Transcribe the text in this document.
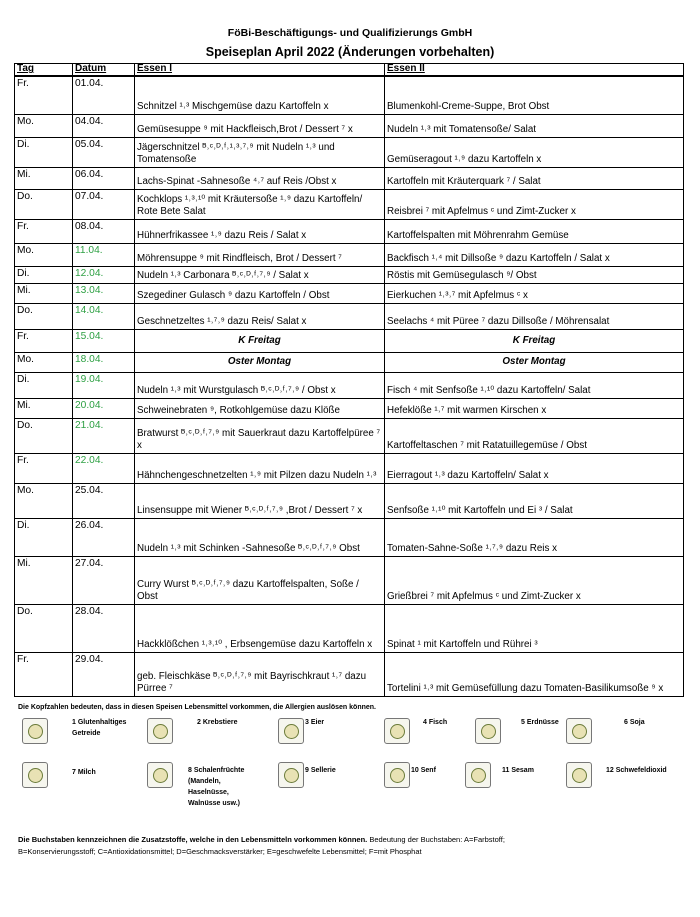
FöBi-Beschäftigungs- und Qualifizierungs GmbH
Speiseplan April 2022 (Änderungen vorbehalten)
Tag	Datum	Essen I	Essen II
Fr.	01.04.	Schnitzel ¹˒³ Mischgemüse dazu Kartoffeln x	Blumenkohl-Creme-Suppe, Brot Obst
Mo.	04.04.	Gemüsesuppe ⁹ mit Hackfleisch,Brot / Dessert ⁷ x	Nudeln ¹˒³ mit Tomatensoße/ Salat
Di.	05.04.	Jägerschnitzel ᴮ˒ᶜ˒ᴰ˒ᶠ˒¹˒³˒⁷˒⁹ mit Nudeln ¹˒³ und Tomatensoße	Gemüseragout ¹˒⁹ dazu Kartoffeln x
Mi.	06.04.	Lachs-Spinat -Sahnesoße ⁴˒⁷ auf Reis /Obst x	Kartoffeln mit Kräuterquark ⁷ / Salat
Do.	07.04.	Kochklops ¹˒³˒¹⁰ mit Kräutersoße ¹˒⁹ dazu Kartoffeln/ Rote Bete Salat	Reisbrei ⁷ mit Apfelmus ᶜ und Zimt-Zucker x
Fr.	08.04.	Hühnerfrikassee ¹˒⁹ dazu Reis / Salat x	Kartoffelspalten mit Möhrenrahm Gemüse
Mo.	11.04.	Möhrensuppe ⁹ mit Rindfleisch, Brot / Dessert ⁷	Backfisch ¹˒⁴ mit Dillsoße ⁹ dazu Kartoffeln / Salat x
Di.	12.04.	Nudeln ¹˒³ Carbonara ᴮ˒ᶜ˒ᴰ˒ᶠ˒⁷˒⁹ / Salat x	Röstis mit Gemüsegulasch ⁹/ Obst
Mi.	13.04.	Szegediner Gulasch ⁹ dazu Kartoffeln / Obst	Eierkuchen ¹˒³˒⁷ mit Apfelmus ᶜ x
Do.	14.04.	Geschnetzeltes ¹˒⁷˒⁹ dazu Reis/ Salat x	Seelachs ⁴ mit Püree ⁷ dazu Dillsoße / Möhrensalat
Fr.	15.04.	K Freitag	K Freitag
Mo.	18.04.	Oster Montag	Oster Montag
Di.	19.04.	Nudeln ¹˒³ mit Wurstgulasch ᴮ˒ᶜ˒ᴰ˒ᶠ˒⁷˒⁹ / Obst x	Fisch ⁴ mit Senfsoße ¹˒¹⁰ dazu Kartoffeln/ Salat
Mi.	20.04.	Schweinebraten ⁹, Rotkohlgemüse dazu Klöße	Hefeklöße ¹˒⁷ mit warmen Kirschen x
Do.	21.04.	Bratwurst ᴮ˒ᶜ˒ᴰ˒ᶠ˒⁷˒⁹ mit Sauerkraut dazu Kartoffelpüree ⁷ x	Kartoffeltaschen ⁷ mit Ratatuillegemüse / Obst
Fr.	22.04.	Hähnchengeschnetzelten ¹˒⁹ mit Pilzen dazu Nudeln ¹˒³	Eierragout ¹˒³ dazu Kartoffeln/ Salat x
Mo.	25.04.	Linsensuppe mit Wiener ᴮ˒ᶜ˒ᴰ˒ᶠ˒⁷˒⁹ ,Brot / Dessert ⁷ x	Senfsoße ¹˒¹⁰ mit Kartoffeln und Ei ³ / Salat
Di.	26.04.	Nudeln ¹˒³ mit Schinken -Sahnesoße ᴮ˒ᶜ˒ᴰ˒ᶠ˒⁷˒⁹ Obst	Tomaten-Sahne-Soße ¹˒⁷˒⁹ dazu Reis x
Mi.	27.04.	Curry Wurst ᴮ˒ᶜ˒ᴰ˒ᶠ˒⁷˒⁹ dazu Kartoffelspalten, Soße / Obst	Grießbrei ⁷ mit Apfelmus ᶜ und Zimt-Zucker x
Do.	28.04.	Hackklößchen ¹˒³˒¹⁰ , Erbsengemüse dazu Kartoffeln x	Spinat ¹ mit Kartoffeln und Rührei ³
Fr.	29.04.	geb. Fleischkäse ᴮ˒ᶜ˒ᴰ˒ᶠ˒⁷˒⁹ mit Bayrischkraut ¹˒⁷ dazu Pürree ⁷	Tortelini ¹˒³ mit Gemüsefüllung dazu Tomaten-Basilikumsoße ⁹ x
Die Kopfzahlen bedeuten, dass in diesen Speisen Lebensmittel vorkommen, die Allergien auslösen können.
1 Glutenhaltiges
Getreide
2 Krebstiere	3 Eier	4 Fisch	5 Erdnüsse	6 Soja
7 Milch	8 Schalenfrüchte
(Mandeln, Haselnüsse, Walnüsse usw.)
9 Sellerie	10 Senf	11 Sesam	12 Schwefeldioxid
Die Buchstaben kennzeichnen die Zusatzstoffe, welche in den Lebensmitteln vorkommen können. Bedeutung der Buchstaben: A=Farbstoff;
B=Konservierungsstoff; C=Antioxidationsmittel; D=Geschmacksverstärker; E=geschwefelte Lebensmittel; F=mit Phosphat
